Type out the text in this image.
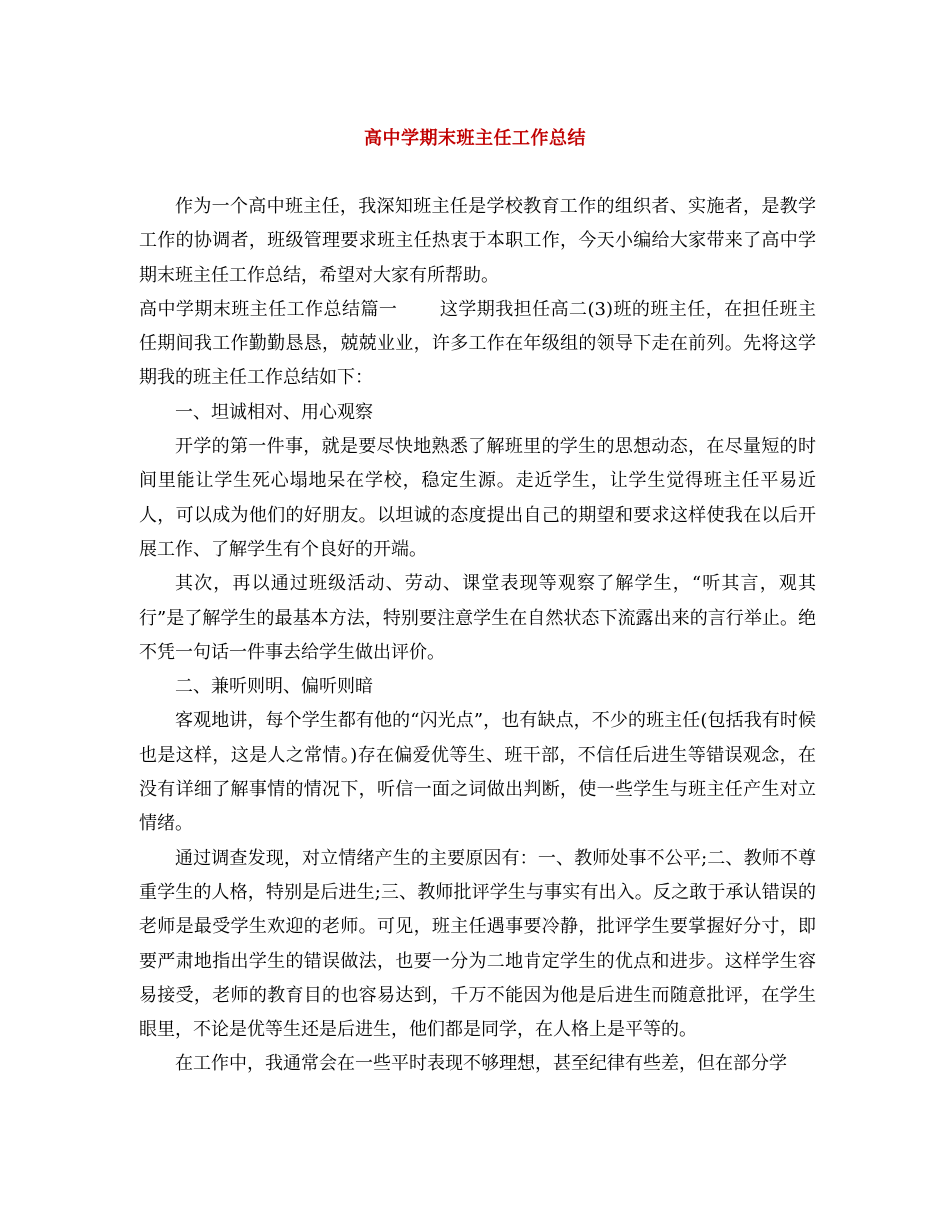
高中学期末班主任工作总结

作为一个高中班主任，我深知班主任是学校教育工作的组织者、实施者，是教学工作的协调者，班级管理要求班主任热衷于本职工作，今天小编给大家带来了高中学期末班主任工作总结，希望对大家有所帮助。

高中学期末班主任工作总结篇一 这学期我担任高二(3)班的班主任，在担任班主任期间我工作勤勤恳恳，兢兢业业，许多工作在年级组的领导下走在前列。先将这学期我的班主任工作总结如下：

一、坦诚相对、用心观察

开学的第一件事，就是要尽快地熟悉了解班里的学生的思想动态，在尽量短的时间里能让学生死心塌地呆在学校，稳定生源。走近学生，让学生觉得班主任平易近人，可以成为他们的好朋友。以坦诚的态度提出自己的期望和要求这样使我在以后开展工作、了解学生有个良好的开端。

其次，再以通过班级活动、劳动、课堂表现等观察了解学生，“听其言，观其行”是了解学生的最基本方法，特别要注意学生在自然状态下流露出来的言行举止。绝不凭一句话一件事去给学生做出评价。

二、兼听则明、偏听则暗

客观地讲，每个学生都有他的“闪光点”，也有缺点，不少的班主任(包括我有时候也是这样，这是人之常情。)存在偏爱优等生、班干部，不信任后进生等错误观念，在没有详细了解事情的情况下，听信一面之词做出判断，使一些学生与班主任产生对立情绪。

通过调查发现，对立情绪产生的主要原因有：一、教师处事不公平;二、教师不尊重学生的人格，特别是后进生;三、教师批评学生与事实有出入。反之敢于承认错误的老师是最受学生欢迎的老师。可见，班主任遇事要冷静，批评学生要掌握好分寸，即要严肃地指出学生的错误做法，也要一分为二地肯定学生的优点和进步。这样学生容易接受，老师的教育目的也容易达到，千万不能因为他是后进生而随意批评，在学生眼里，不论是优等生还是后进生，他们都是同学，在人格上是平等的。

在工作中，我通常会在一些平时表现不够理想，甚至纪律有些差，但在部分学
